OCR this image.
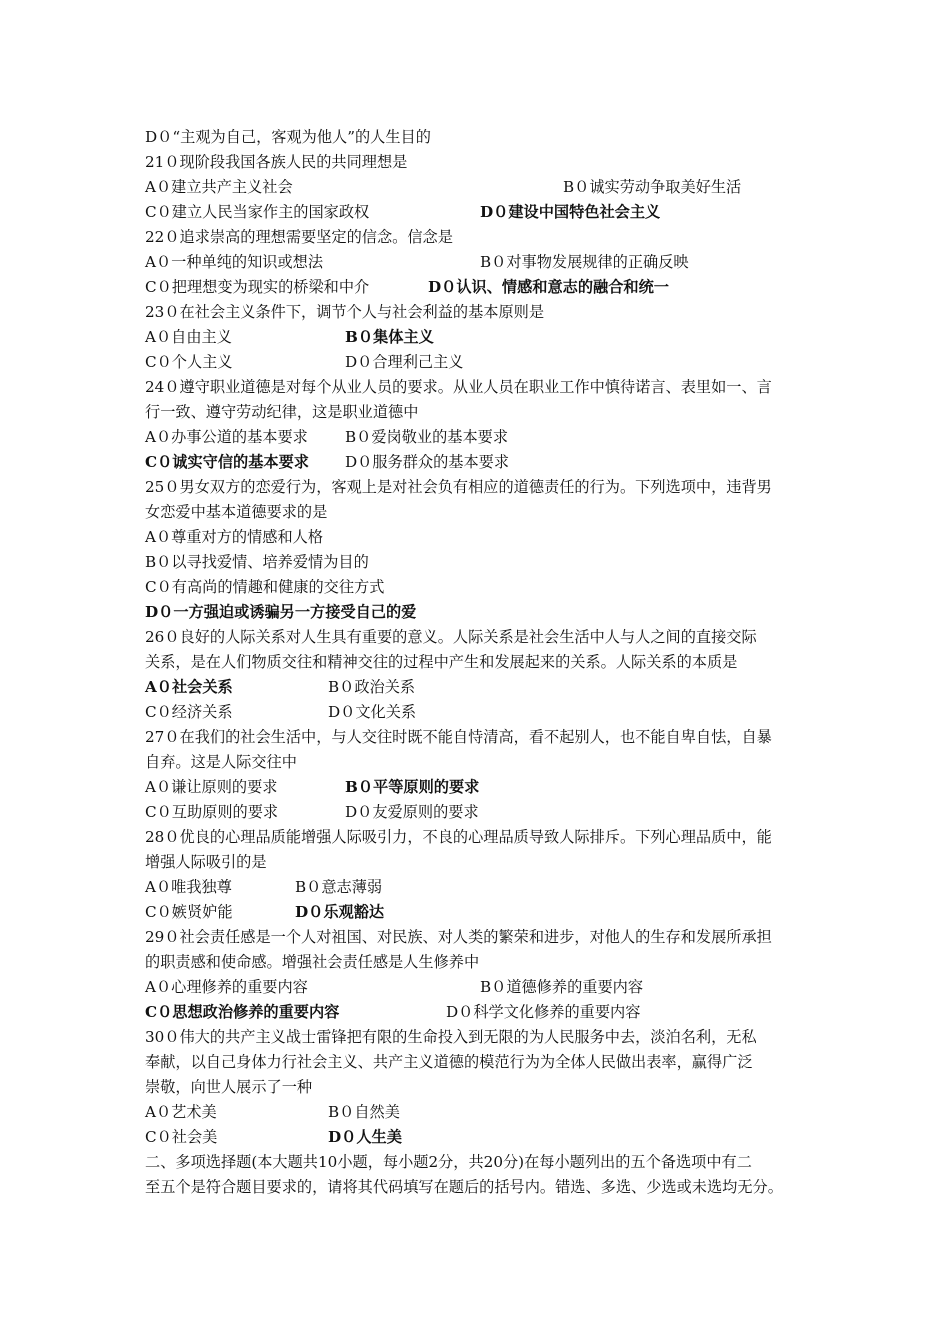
D０“主观为自己，客观为他人”的人生目的
21０现阶段我国各族人民的共同理想是
A０建立共产主义社会	B０诚实劳动争取美好生活
C０建立人民当家作主的国家政权	D０建设中国特色社会主义
22０追求崇高的理想需要坚定的信念。信念是
A０一种单纯的知识或想法	B０对事物发展规律的正确反映
C０把理想变为现实的桥梁和中介	D０认识、情感和意志的融合和统一
23０在社会主义条件下，调节个人与社会利益的基本原则是
A０自由主义	B０集体主义
C０个人主义	D０合理利己主义
24０遵守职业道德是对每个从业人员的要求。从业人员在职业工作中慎待诺言、表里如一、言
行一致、遵守劳动纪律，这是职业道德中
A０办事公道的基本要求 B０爱岗敬业的基本要求
C０诚实守信的基本要求 D０服务群众的基本要求
25０男女双方的恋爱行为，客观上是对社会负有相应的道德责任的行为。下列选项中，违背男
女恋爱中基本道德要求的是
A０尊重对方的情感和人格
B０以寻找爱情、培养爱情为目的
C０有高尚的情趣和健康的交往方式
D０一方强迫或诱骗另一方接受自己的爱
26０良好的人际关系对人生具有重要的意义。人际关系是社会生活中人与人之间的直接交际
关系，是在人们物质交往和精神交往的过程中产生和发展起来的关系。人际关系的本质是
A０社会关系	B０政治关系
C０经济关系	D０文化关系
27０在我们的社会生活中，与人交往时既不能自恃清高，看不起别人，也不能自卑自怯，自暴
自弃。这是人际交往中
A０谦让原则的要求	B０平等原则的要求
C０互助原则的要求	D０友爱原则的要求
28０优良的心理品质能增强人际吸引力，不良的心理品质导致人际排斥。下列心理品质中，能
增强人际吸引的是
A０唯我独尊	B０意志薄弱
C０嫉贤妒能	D０乐观豁达
29０社会责任感是一个人对祖国、对民族、对人类的繁荣和进步，对他人的生存和发展所承担
的职责感和使命感。增强社会责任感是人生修养中
A０心理修养的重要内容	B０道德修养的重要内容
C０思想政治修养的重要内容	D０科学文化修养的重要内容
30０伟大的共产主义战士雷锋把有限的生命投入到无限的为人民服务中去，淡泊名利，无私
奉献，以自己身体力行社会主义、共产主义道德的模范行为为全体人民做出表率，赢得广泛
崇敬，向世人展示了一种
A０艺术美	B０自然美
C０社会美	D０人生美
二、多项选择题(本大题共10小题，每小题2分，共20分)在每小题列出的五个备选项中有二
至五个是符合题目要求的，请将其代码填写在题后的括号内。错选、多选、少选或未选均无分。
